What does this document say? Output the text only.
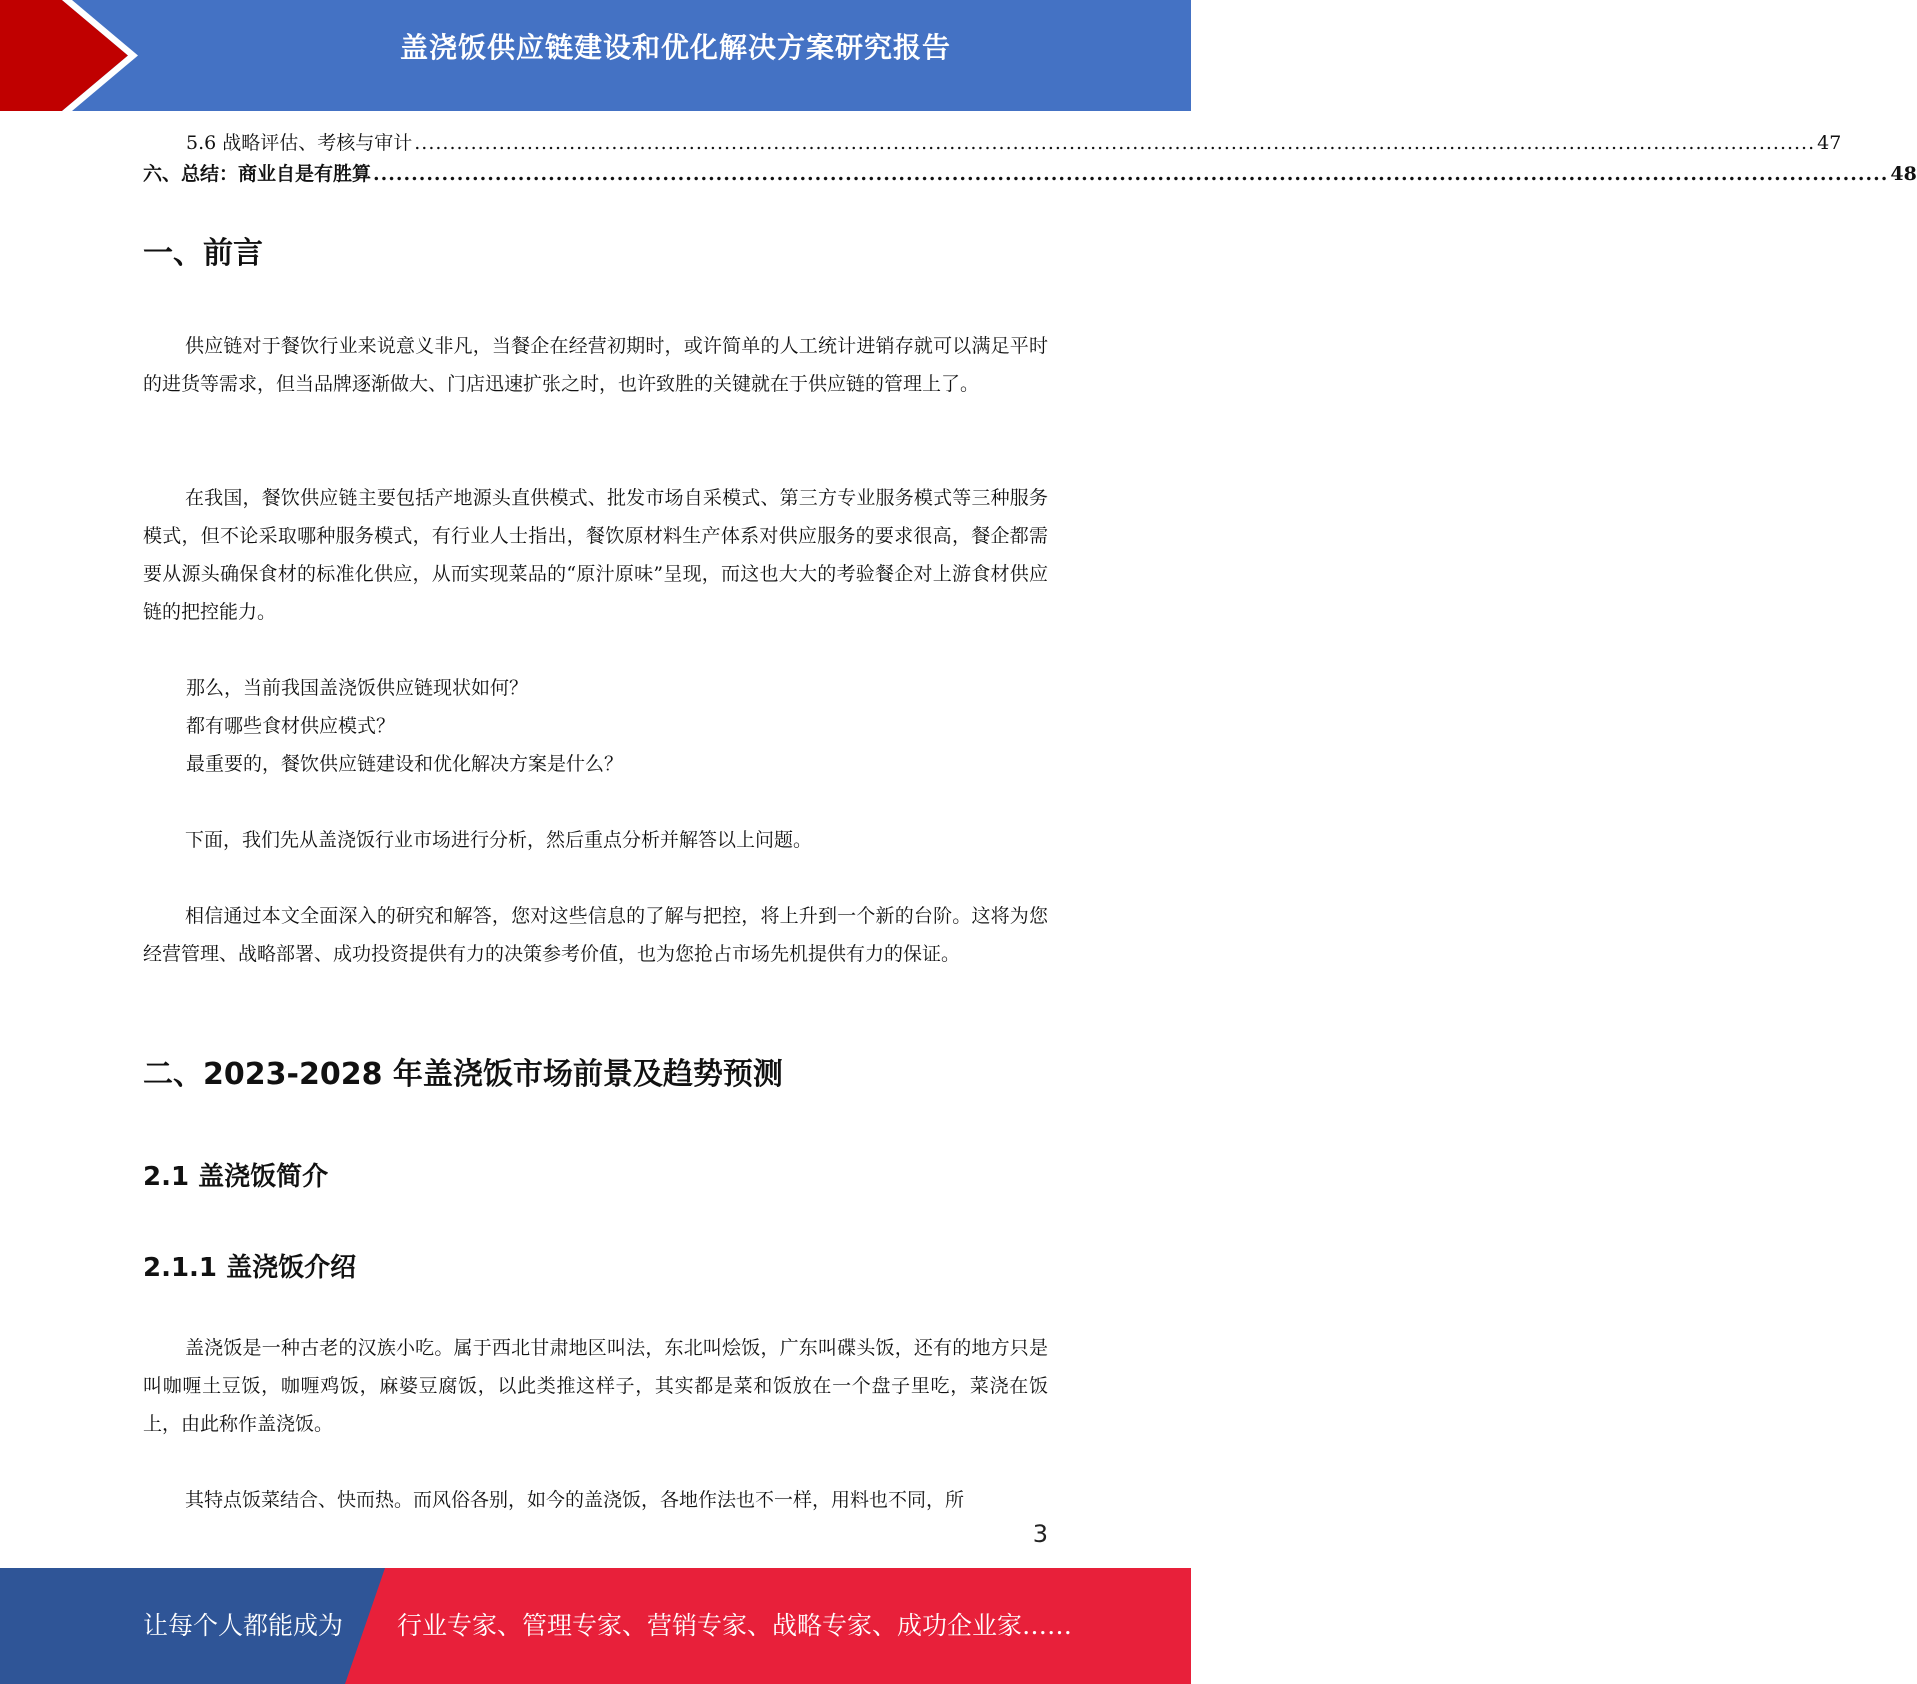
盖浇饭供应链建设和优化解决方案研究报告
5.6 战略评估、考核与审计 ....................................................................................................................................................................................................... 47
六、总结：商业自是有胜算 ....................................................................................................................................................................................................... 48
一、前言
供应链对于餐饮行业来说意义非凡，当餐企在经营初期时，或许简单的人工统计进销存就可以满足平时的进货等需求，但当品牌逐渐做大、门店迅速扩张之时，也许致胜的关键就在于供应链的管理上了。
在我国，餐饮供应链主要包括产地源头直供模式、批发市场自采模式、第三方专业服务模式等三种服务模式，但不论采取哪种服务模式，有行业人士指出，餐饮原材料生产体系对供应服务的要求很高，餐企都需要从源头确保食材的标准化供应，从而实现菜品的“原汁原味”呈现，而这也大大的考验餐企对上游食材供应链的把控能力。
那么，当前我国盖浇饭供应链现状如何？
都有哪些食材供应模式？
最重要的，餐饮供应链建设和优化解决方案是什么？
下面，我们先从盖浇饭行业市场进行分析，然后重点分析并解答以上问题。
相信通过本文全面深入的研究和解答，您对这些信息的了解与把控，将上升到一个新的台阶。这将为您经营管理、战略部署、成功投资提供有力的决策参考价值，也为您抢占市场先机提供有力的保证。
二、2023-2028 年盖浇饭市场前景及趋势预测
2.1 盖浇饭简介
2.1.1 盖浇饭介绍
盖浇饭是一种古老的汉族小吃。属于西北甘肃地区叫法，东北叫烩饭，广东叫碟头饭，还有的地方只是叫咖喱土豆饭，咖喱鸡饭，麻婆豆腐饭，以此类推这样子，其实都是菜和饭放在一个盘子里吃，菜浇在饭上，由此称作盖浇饭。
其特点饭菜结合、快而热。而风俗各别，如今的盖浇饭，各地作法也不一样，用料也不同，所
3
让每个人都能成为 行业专家、管理专家、营销专家、战略专家、成功企业家……
